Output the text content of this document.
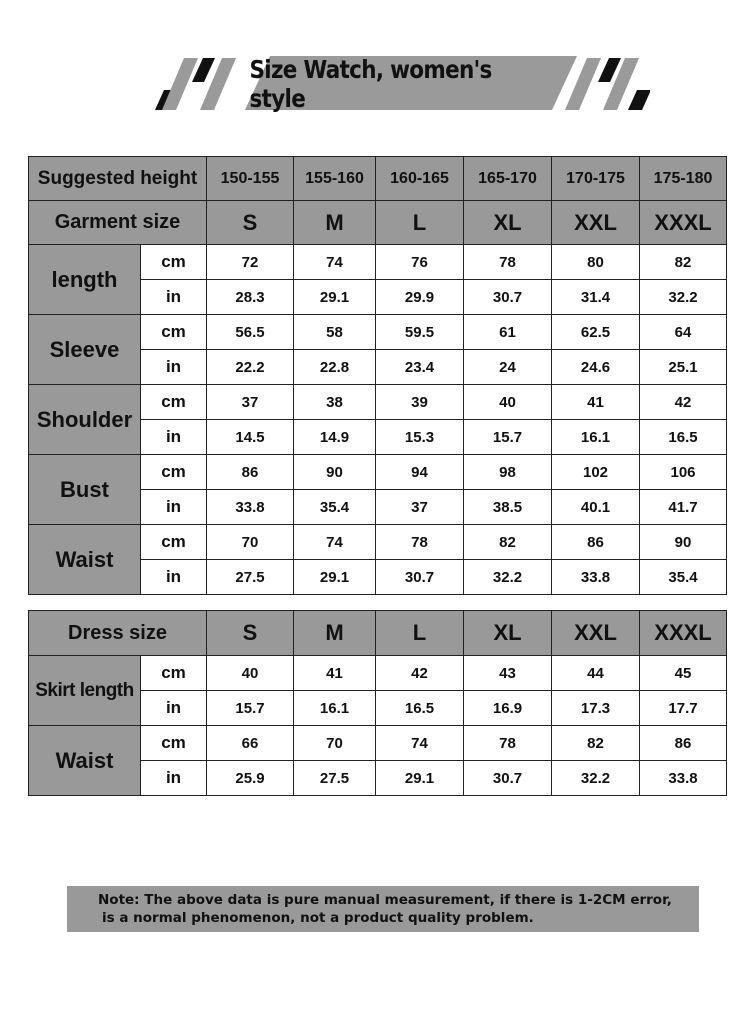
Size Watch, women's style
Suggested height		150-155	155-160	160-165	165-170	170-175	175-180
Garment size		S	M	L	XL	XXL	XXXL
length	cm	72	74	76	78	80	82
	in	28.3	29.1	29.9	30.7	31.4	32.2
Sleeve	cm	56.5	58	59.5	61	62.5	64
	in	22.2	22.8	23.4	24	24.6	25.1
Shoulder	cm	37	38	39	40	41	42
	in	14.5	14.9	15.3	15.7	16.1	16.5
Bust	cm	86	90	94	98	102	106
	in	33.8	35.4	37	38.5	40.1	41.7
Waist	cm	70	74	78	82	86	90
	in	27.5	29.1	30.7	32.2	33.8	35.4
Dress size		S	M	L	XL	XXL	XXXL
Skirt length	cm	40	41	42	43	44	45
	in	15.7	16.1	16.5	16.9	17.3	17.7
Waist	cm	66	70	74	78	82	86
	in	25.9	27.5	29.1	30.7	32.2	33.8
Note: The above data is pure manual measurement, if there is 1-2CM error,
is a normal phenomenon, not a product quality problem.
